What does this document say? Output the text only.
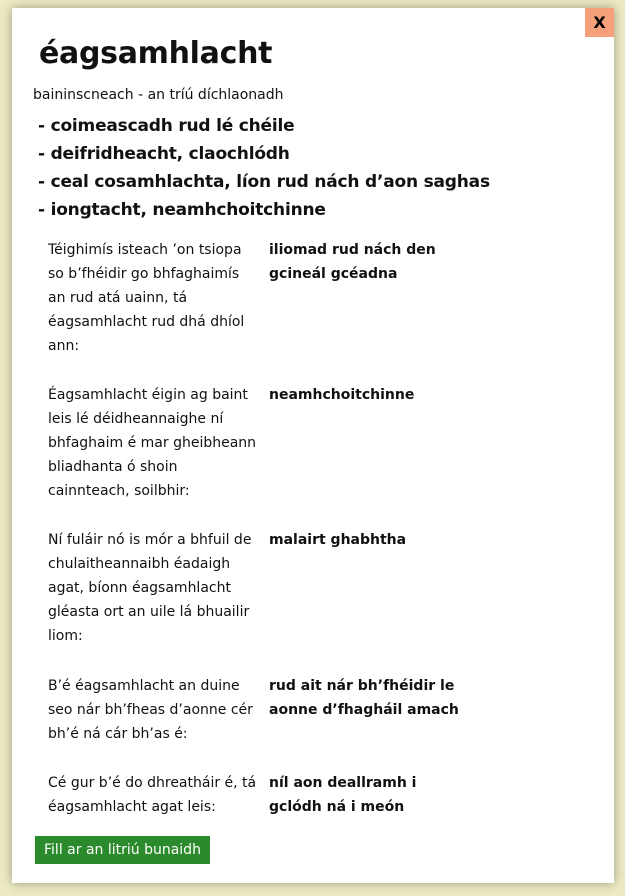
X
éagsamhlacht
baininscneach - an tríú díchlaonadh
- coimeascadh rud lé chéile
- deifridheacht, claochlódh
- ceal cosamhlachta, líon rud nách d’aon saghas
- iongtacht, neamhchoitchinne
Téighimís isteach ’on tsiopa so b’fhéidir go bhfaghaimís an rud atá uainn, tá éagsamhlacht rud dhá dhíol ann:
iliomad rud nách den gcineál gcéadna
Éagsamhlacht éigin ag baint leis lé déidheannaighe ní bhfaghaim é mar gheibheann bliadhanta ó shoin cainnteach, soilbhir:
neamhchoitchinne
Ní fuláir nó is mór a bhfuil de chulaitheannaibh éadaigh agat, bíonn éagsamhlacht gléasta ort an uile lá bhuailir liom:
malairt ghabhtha
B’é éagsamhlacht an duine seo nár bh’fheas d’aonne cér bh’é ná cár bh’as é:
rud ait nár bh’fhéidir le aonne d’fhagháil amach
Cé gur b’é do dhreatháir é, tá éagsamhlacht agat leis:
níl aon deallramh i gclódh ná i meón
Fill ar an litriú bunaidh
